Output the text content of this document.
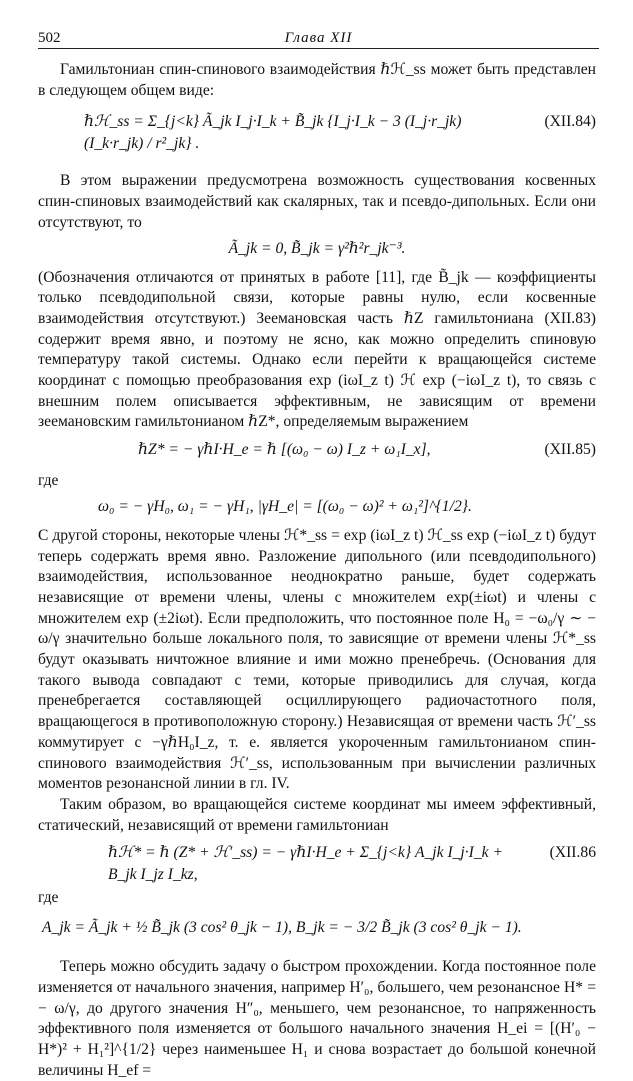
502	Глава XII

Гамильтониан спин-спинового взаимодействия ℏℋ_ss может быть представлен в следующем общем виде:

ℏℋ_ss = Σ_{j<k} Ã_jk I_j·I_k + B̃_jk {I_j·I_k − 3 (I_j·r_jk)(I_k·r_jk) / r²_jk} .
(XII.84)

В этом выражении предусмотрена возможность существования косвенных спин-спиновых взаимодействий как скалярных, так и псевдо-дипольных. Если они отсутствуют, то

Ã_jk = 0, B̃_jk = γ²ℏ²r_jk⁻³.

(Обозначения отличаются от принятых в работе [11], где B̃_jk — коэффициенты только псевдодипольной связи, которые равны нулю, если косвенные взаимодействия отсутствуют.) Зеемановская часть ℏZ гамильтониана (XII.83) содержит время явно, и поэтому не ясно, как можно определить спиновую температуру такой системы. Однако если перейти к вращающейся системе координат с помощью преобразования exp (iωI_z t) ℋ exp (−iωI_z t), то связь с внешним полем описывается эффективным, не зависящим от времени зеемановским гамильтонианом ℏZ*, определяемым выражением

ℏZ* = − γℏI·H_e = ℏ [(ω₀ − ω) I_z + ω₁I_x],	(XII.85)

где

ω₀ = − γH₀, ω₁ = − γH₁, |γH_e| = [(ω₀ − ω)² + ω₁²]^{1/2}.

С другой стороны, некоторые члены ℋ*_ss = exp (iωI_z t) ℋ_ss exp (−iωI_z t) будут теперь содержать время явно. Разложение дипольного (или псевдодипольного) взаимодействия, использованное неоднократно раньше, будет содержать независящие от времени члены, члены с множителем exp(±iωt) и члены с множителем exp (±2iωt). Если предположить, что постоянное поле H₀ = −ω₀/γ ∼ − ω/γ значительно больше локального поля, то зависящие от времени члены ℋ*_ss будут оказывать ничтожное влияние и ими можно пренебречь. (Основания для такого вывода совпадают с теми, которые приводились для случая, когда пренебрегается составляющей осциллирующего радиочастотного поля, вращающегося в противоположную сторону.) Независящая от времени часть ℋ′_ss коммутирует с −γℏH₀I_z, т. е. является укороченным гамильтонианом спин-спинового взаимодействия ℋ′_ss, использованным при вычислении различных моментов резонансной линии в гл. IV.

Таким образом, во вращающейся системе координат мы имеем эффективный, статический, независящий от времени гамильтониан

ℏℋ* = ℏ (Z* + ℋ′_ss) = − γℏI·H_e + Σ_{j<k} A_jk I_j·I_k + B_jk I_jz I_kz,
(XII.86

где

A_jk = Ã_jk + ½ B̃_jk (3 cos² θ_jk − 1), B_jk = − 3/2 B̃_jk (3 cos² θ_jk − 1).

Теперь можно обсудить задачу о быстром прохождении. Когда постоянное поле изменяется от начального значения, например H′₀, большего, чем резонансное H* = − ω/γ, до другого значения H″₀, меньшего, чем резонансное, то напряженность эффективного поля изменяется от большого начального значения H_ei = [(H′₀ − H*)² + H₁²]^{1/2} через наименьшее H₁ и снова возрастает до большой конечной величины H_ef =
